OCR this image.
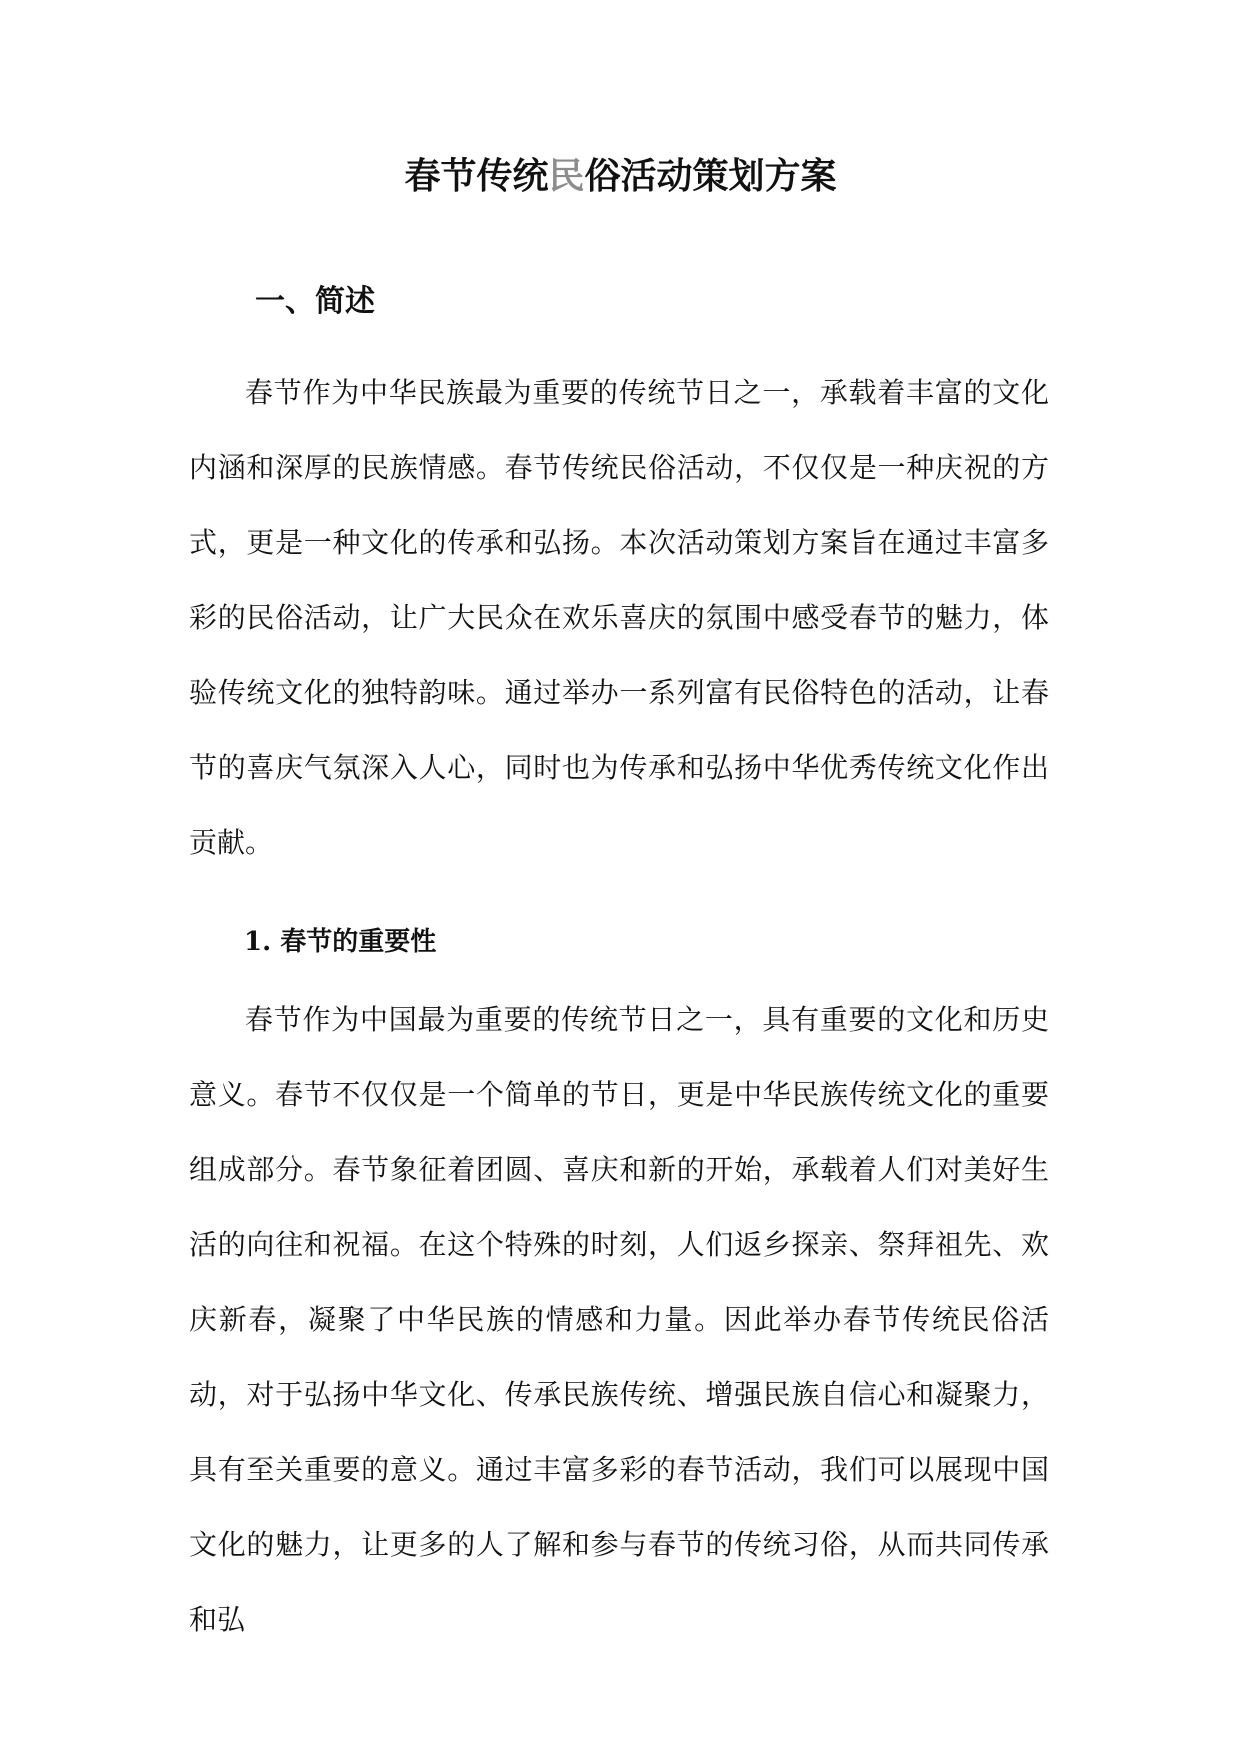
春节传统民俗活动策划方案
一、简述

春节作为中华民族最为重要的传统节日之一，承载着丰富的文化内涵和深厚的民族情感。春节传统民俗活动，不仅仅是一种庆祝的方式，更是一种文化的传承和弘扬。本次活动策划方案旨在通过丰富多彩的民俗活动，让广大民众在欢乐喜庆的氛围中感受春节的魅力，体验传统文化的独特韵味。通过举办一系列富有民俗特色的活动，让春节的喜庆气氛深入人心，同时也为传承和弘扬中华优秀传统文化作出贡献。

1. 春节的重要性

春节作为中国最为重要的传统节日之一，具有重要的文化和历史意义。春节不仅仅是一个简单的节日，更是中华民族传统文化的重要组成部分。春节象征着团圆、喜庆和新的开始，承载着人们对美好生活的向往和祝福。在这个特殊的时刻，人们返乡探亲、祭拜祖先、欢庆新春，凝聚了中华民族的情感和力量。因此举办春节传统民俗活动，对于弘扬中华文化、传承民族传统、增强民族自信心和凝聚力，具有至关重要的意义。通过丰富多彩的春节活动，我们可以展现中国文化的魅力，让更多的人了解和参与春节的传统习俗，从而共同传承和弘
